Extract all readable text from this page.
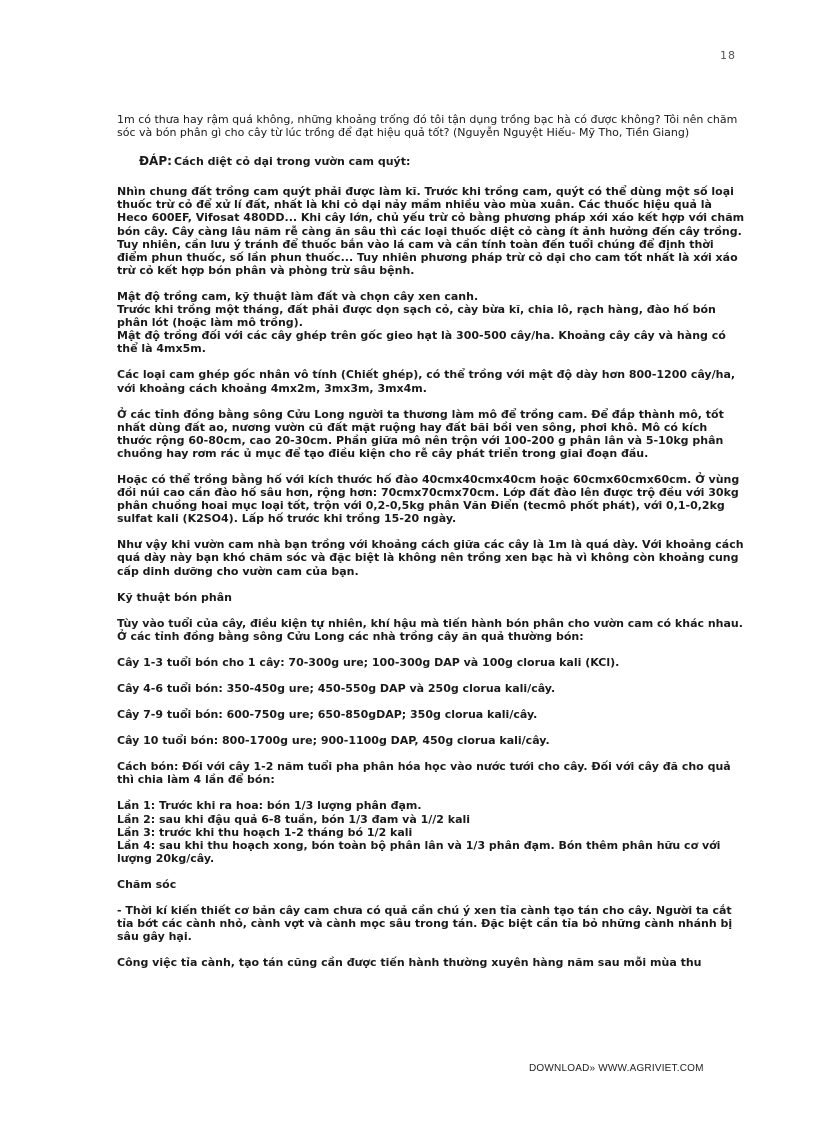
18

1m có thưa hay rậm quá không, những khoảng trống đó tôi tận dụng trồng bạc hà có được không? Tôi nên chăm sóc và bón phân gì cho cây từ lúc trồng để đạt hiệu quả tốt? (Nguyễn Nguyệt Hiếu- Mỹ Tho, Tiền Giang)

ĐÁP: Cách diệt cỏ dại trong vườn cam quýt:

Nhìn chung đất trồng cam quýt phải được làm kĩ. Trước khi trồng cam, quýt có thể dùng một số loại thuốc trừ cỏ để xử lí đất, nhất là khi cỏ dại nảy mầm nhiều vào mùa xuân. Các thuốc hiệu quả là Heco 600EF, Vifosat 480DD... Khi cây lớn, chủ yếu trừ cỏ bằng phương pháp xới xáo kết hợp với chăm bón cây. Cây càng lâu năm rễ càng ăn sâu thì các loại thuốc diệt cỏ càng ít ảnh hưởng đến cây trồng. Tuy nhiên, cần lưu ý tránh để thuốc bắn vào lá cam và cần tính toàn đến tuổi chúng để định thời điểm phun thuốc, số lần phun thuốc... Tuy nhiên phương pháp trừ cỏ dại cho cam tốt nhất là xới xáo trừ cỏ kết hợp bón phân và phòng trừ sâu bệnh.

Mật độ trồng cam, kỹ thuật làm đất và chọn cây xen canh.
Trước khi trồng một tháng, đất phải được dọn sạch cỏ, cày bừa kĩ, chia lô, rạch hàng, đào hố bón phân lót (hoặc làm mô trồng).
Mật độ trồng đối với các cây ghép trên gốc gieo hạt là 300-500 cây/ha. Khoảng cây cây và hàng có thể là 4mx5m.

Các loại cam ghép gốc nhân vô tính (Chiết ghép), có thể trồng với mật độ dày hơn 800-1200 cây/ha, với khoảng cách khoảng 4mx2m, 3mx3m, 3mx4m.

Ở các tỉnh đồng bằng sông Cửu Long người ta thương làm mô để trồng cam. Để đắp thành mô, tốt nhất dùng đất ao, nương vườn cũ đất mặt ruộng hay đất bãi bồi ven sông, phơi khô. Mô có kích thước rộng 60-80cm, cao 20-30cm. Phần giữa mô nên trộn với 100-200 g phân lân và 5-10kg phân chuồng hay rơm rác ủ mục để tạo điều kiện cho rễ cây phát triển trong giai đoạn đầu.

Hoặc có thể trồng bằng hố với kích thước hố đào 40cmx40cmx40cm hoặc 60cmx60cmx60cm. Ở vùng đồi núi cao cần đào hố sâu hơn, rộng hơn: 70cmx70cmx70cm. Lớp đất đào lên được trộ đều với 30kg phân chuồng hoai mục loại tốt, trộn với 0,2-0,5kg phân Văn Điển (tecmô phốt phát), với 0,1-0,2kg sulfat kali (K2SO4). Lấp hố trước khi trồng 15-20 ngày.

Như vậy khi vườn cam nhà bạn trồng với khoảng cách giữa các cây là 1m là quá dày. Với khoảng cách quá dày này bạn khó chăm sóc và đặc biệt là không nên trồng xen bạc hà vì không còn khoảng cung cấp dinh dưỡng cho vườn cam của bạn.

Kỹ thuật bón phân

Tùy vào tuổi của cây, điều kiện tự nhiên, khí hậu mà tiến hành bón phân cho vườn cam có khác nhau. Ở các tỉnh đồng bằng sông Cửu Long các nhà trồng cây ăn quả thường bón:

Cây 1-3 tuổi bón cho 1 cây: 70-300g ure; 100-300g DAP và 100g clorua kali (KCl).

Cây 4-6 tuổi bón: 350-450g ure; 450-550g DAP và 250g clorua kali/cây.

Cây 7-9 tuổi bón: 600-750g ure; 650-850gDAP; 350g clorua kali/cây.

Cây 10 tuổi bón: 800-1700g ure; 900-1100g DAP, 450g clorua kali/cây.

Cách bón: Đối với cây 1-2 năm tuổi pha phân hóa học vào nước tưới cho cây. Đối với cây đã cho quả thì chia làm 4 lần để bón:

Lần 1: Trước khi ra hoa: bón 1/3 lượng phân đạm.
Lần 2: sau khi đậu quả 6-8 tuần, bón 1/3 đam và 1//2 kali
Lần 3: trước khi thu hoạch 1-2 tháng bó 1/2 kali
Lần 4: sau khi thu hoạch xong, bón toàn bộ phân lân và 1/3 phân đạm. Bón thêm phân hữu cơ với lượng 20kg/cây.

Chăm sóc

- Thời kí kiến thiết cơ bản cây cam chưa có quả cần chú ý xen tỉa cành tạo tán cho cây. Người ta cắt tỉa bớt các cành nhỏ, cành vợt và cành mọc sâu trong tán. Đặc biệt cần tỉa bỏ những cành nhánh bị sâu gây hại.

Công việc tỉa cành, tạo tán cũng cần được tiến hành thường xuyên hàng năm sau mỗi mùa thu

DOWNLOAD» WWW.AGRIVIET.COM
